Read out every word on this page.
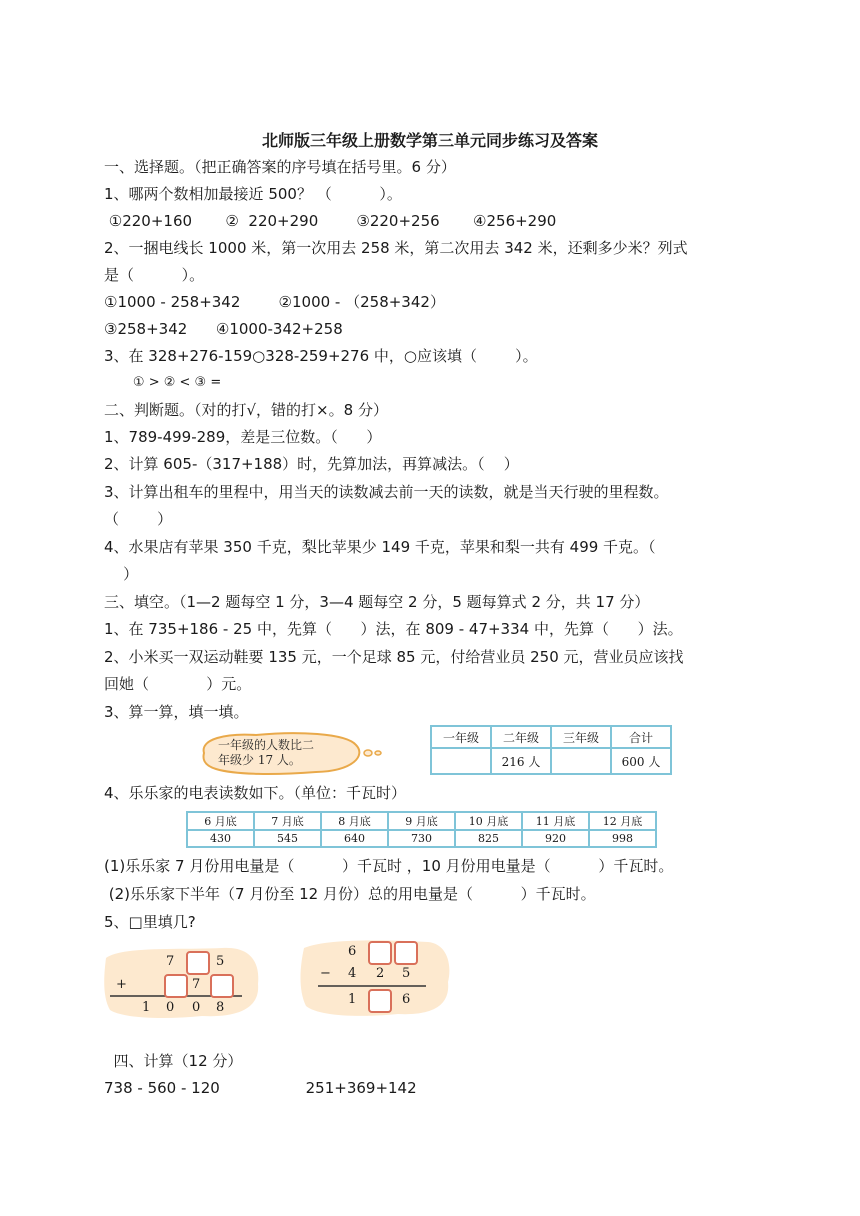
北师版三年级上册数学第三单元同步练习及答案
一、选择题。（把正确答案的序号填在括号里。6 分）
1、哪两个数相加最接近 500？ （          ）。
①220+160       ②  220+290        ③220+256       ④256+290
2、一捆电线长 1000 米，第一次用去 258 米，第二次用去 342 米，还剩多少米？列式
是（          ）。
①1000 - 258+342        ②1000 - （258+342）
③258+342      ④1000-342+258
3、在 328+276-159○328-259+276 中，○应该填（        ）。
① > ② < ③ =
二、判断题。（对的打√，错的打×。8 分）
1、789-499-289，差是三位数。（      ）
2、计算 605-（317+188）时，先算加法，再算减法。（    ）
3、计算出租车的里程中，用当天的读数减去前一天的读数，就是当天行驶的里程数。
（        ）
4、水果店有苹果 350 千克，梨比苹果少 149 千克，苹果和梨一共有 499 千克。（
）
三、填空。（1—2 题每空 1 分，3—4 题每空 2 分，5 题每算式 2 分，共 17 分）
1、在 735+186 - 25 中，先算（      ）法，在 809 - 47+334 中，先算（      ）法。
2、小米买一双运动鞋要 135 元，一个足球 85 元，付给营业员 250 元，营业员应该找
回她（            ）元。
3、算一算，填一填。
一年级的人数比二
年级少 17 人。
一年级	二年级	三年级	合计
	216 人		600 人
4、乐乐家的电表读数如下。（单位：千瓦时）
6 月底	7 月底	8 月底	9 月底	10 月底	11 月底	12 月底
430	545	640	730	825	920	998
(1)乐乐家 7 月份用电量是（          ）千瓦时 ，10 月份用电量是（          ）千瓦时。
(2)乐乐家下半年（7 月份至 12 月份）总的用电量是（          ）千瓦时。
5、□里填几?
7	5
+	7
1 0 0 8
6
− 4 2 5
1	6
四、计算（12 分）
738 - 560 - 120                  251+369+142
